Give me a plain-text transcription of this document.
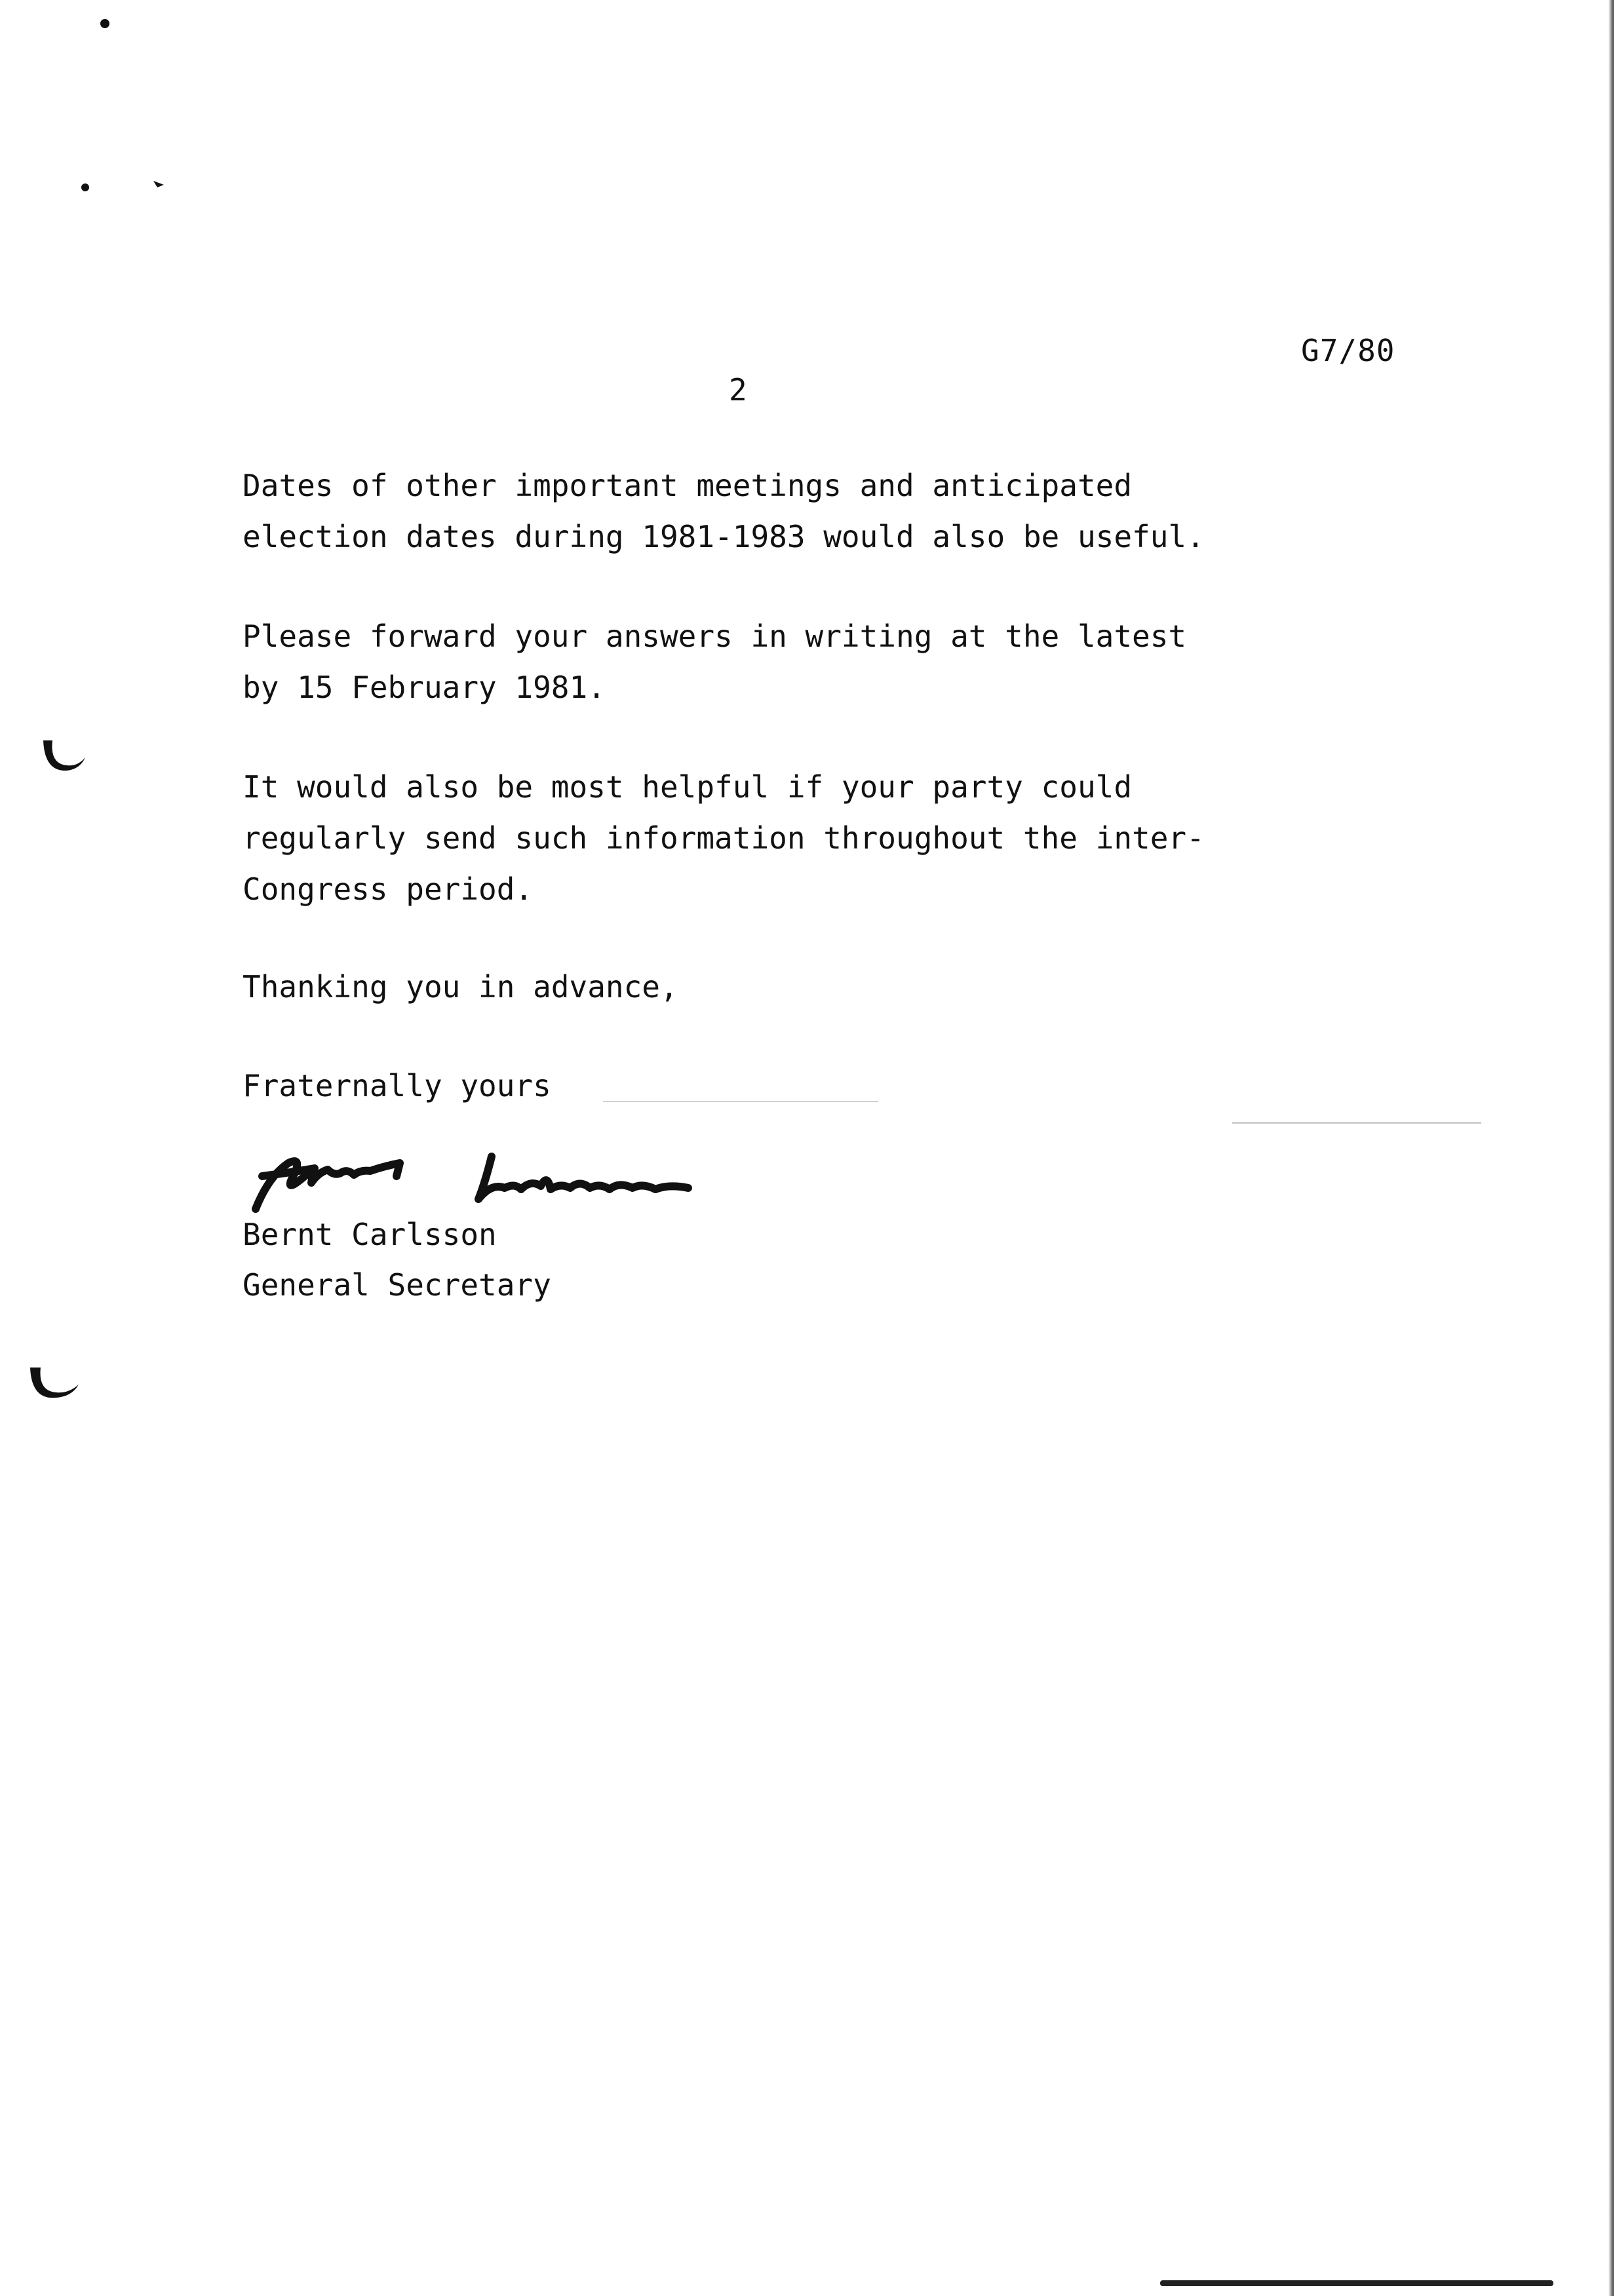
G7/80
2

Dates of other important meetings and anticipated
election dates during 1981-1983 would also be useful.

Please forward your answers in writing at the latest
by 15 February 1981.

It would also be most helpful if your party could
regularly send such information throughout the inter-
Congress period.

Thanking you in advance,

Fraternally yours

Bernt Carlsson
General Secretary
